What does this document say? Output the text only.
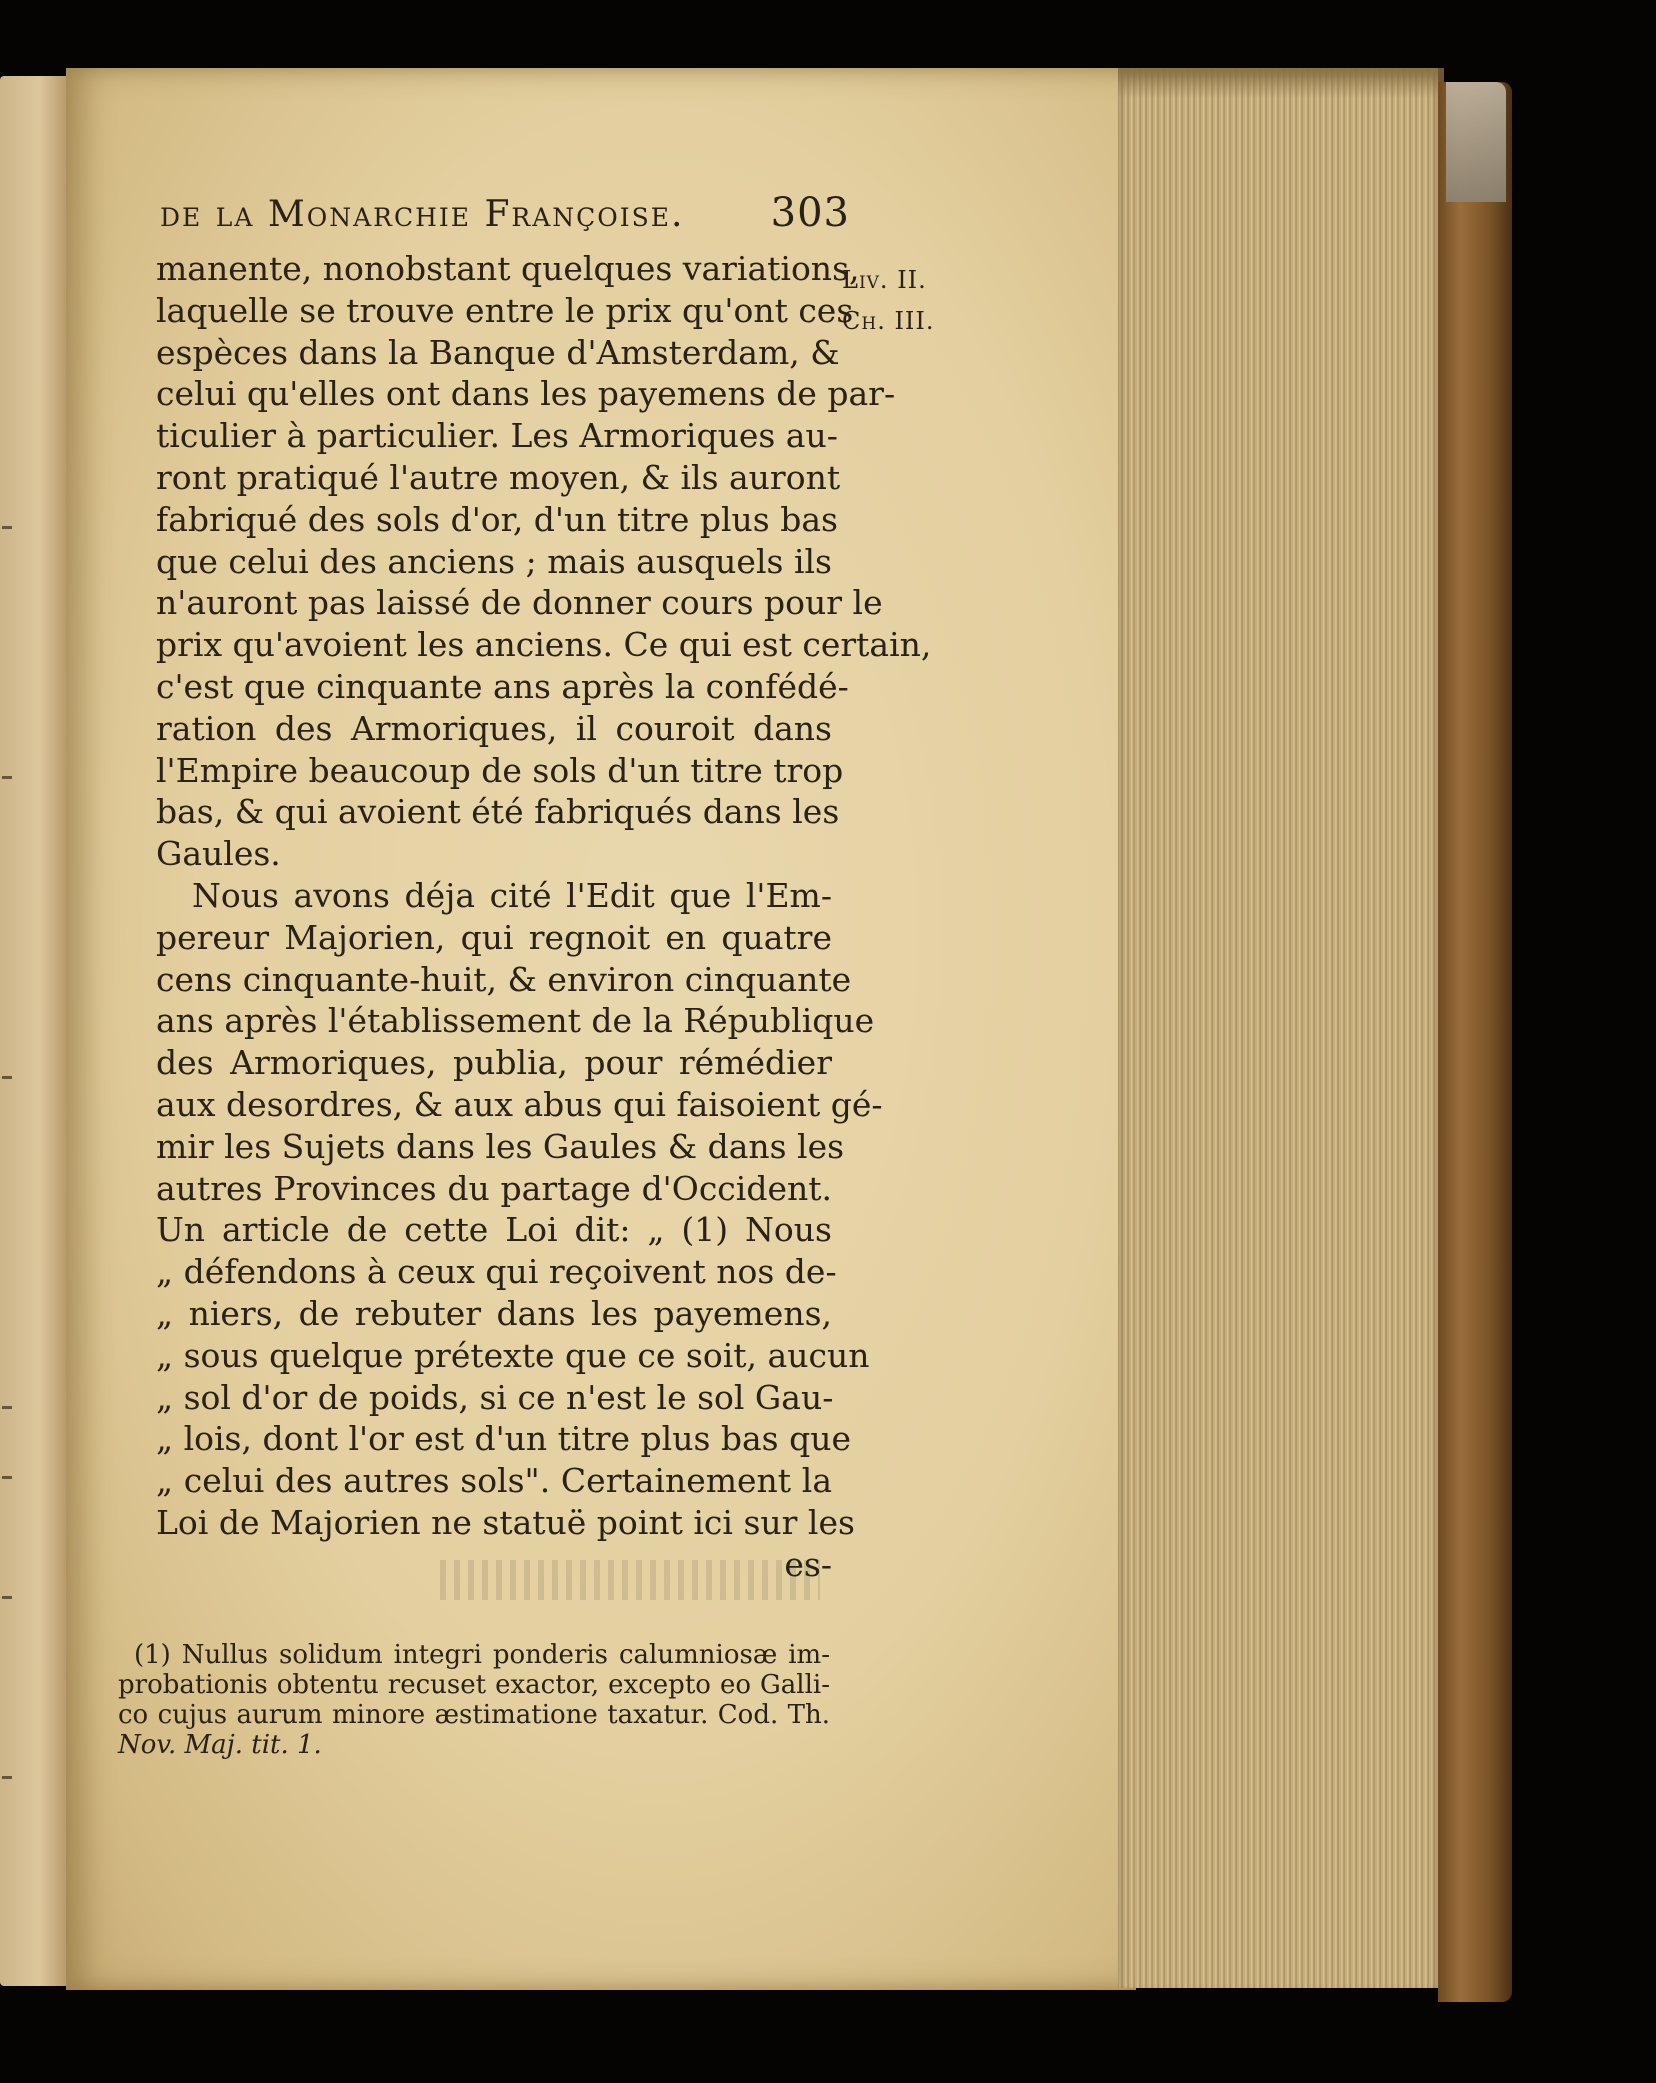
de la Monarchie Françoise. 303
Liv. II.
Ch. III.
manente, nonobstant quelques variations,
laquelle se trouve entre le prix qu'ont ces
espèces dans la Banque d'Amsterdam, &
celui qu'elles ont dans les payemens de par-
ticulier à particulier. Les Armoriques au-
ront pratiqué l'autre moyen, & ils auront
fabriqué des sols d'or, d'un titre plus bas
que celui des anciens ; mais ausquels ils
n'auront pas laissé de donner cours pour le
prix qu'avoient les anciens. Ce qui est certain,
c'est que cinquante ans après la confédé-
ration des Armoriques, il couroit dans
l'Empire beaucoup de sols d'un titre trop
bas, & qui avoient été fabriqués dans les
Gaules.
Nous avons déja cité l'Edit que l'Em-
pereur Majorien, qui regnoit en quatre
cens cinquante-huit, & environ cinquante
ans après l'établissement de la République
des Armoriques, publia, pour rémédier
aux desordres, & aux abus qui faisoient gé-
mir les Sujets dans les Gaules & dans les
autres Provinces du partage d'Occident.
Un article de cette Loi dit: „ (1) Nous
„ défendons à ceux qui reçoivent nos de-
„ niers, de rebuter dans les payemens,
„ sous quelque prétexte que ce soit, aucun
„ sol d'or de poids, si ce n'est le sol Gau-
„ lois, dont l'or est d'un titre plus bas que
„ celui des autres sols". Certainement la
Loi de Majorien ne statuë point ici sur les
es-
(1) Nullus solidum integri ponderis calumniosæ im-
probationis obtentu recuset exactor, excepto eo Galli-
co cujus aurum minore æstimatione taxatur. Cod. Th.
Nov. Maj. tit. 1.
